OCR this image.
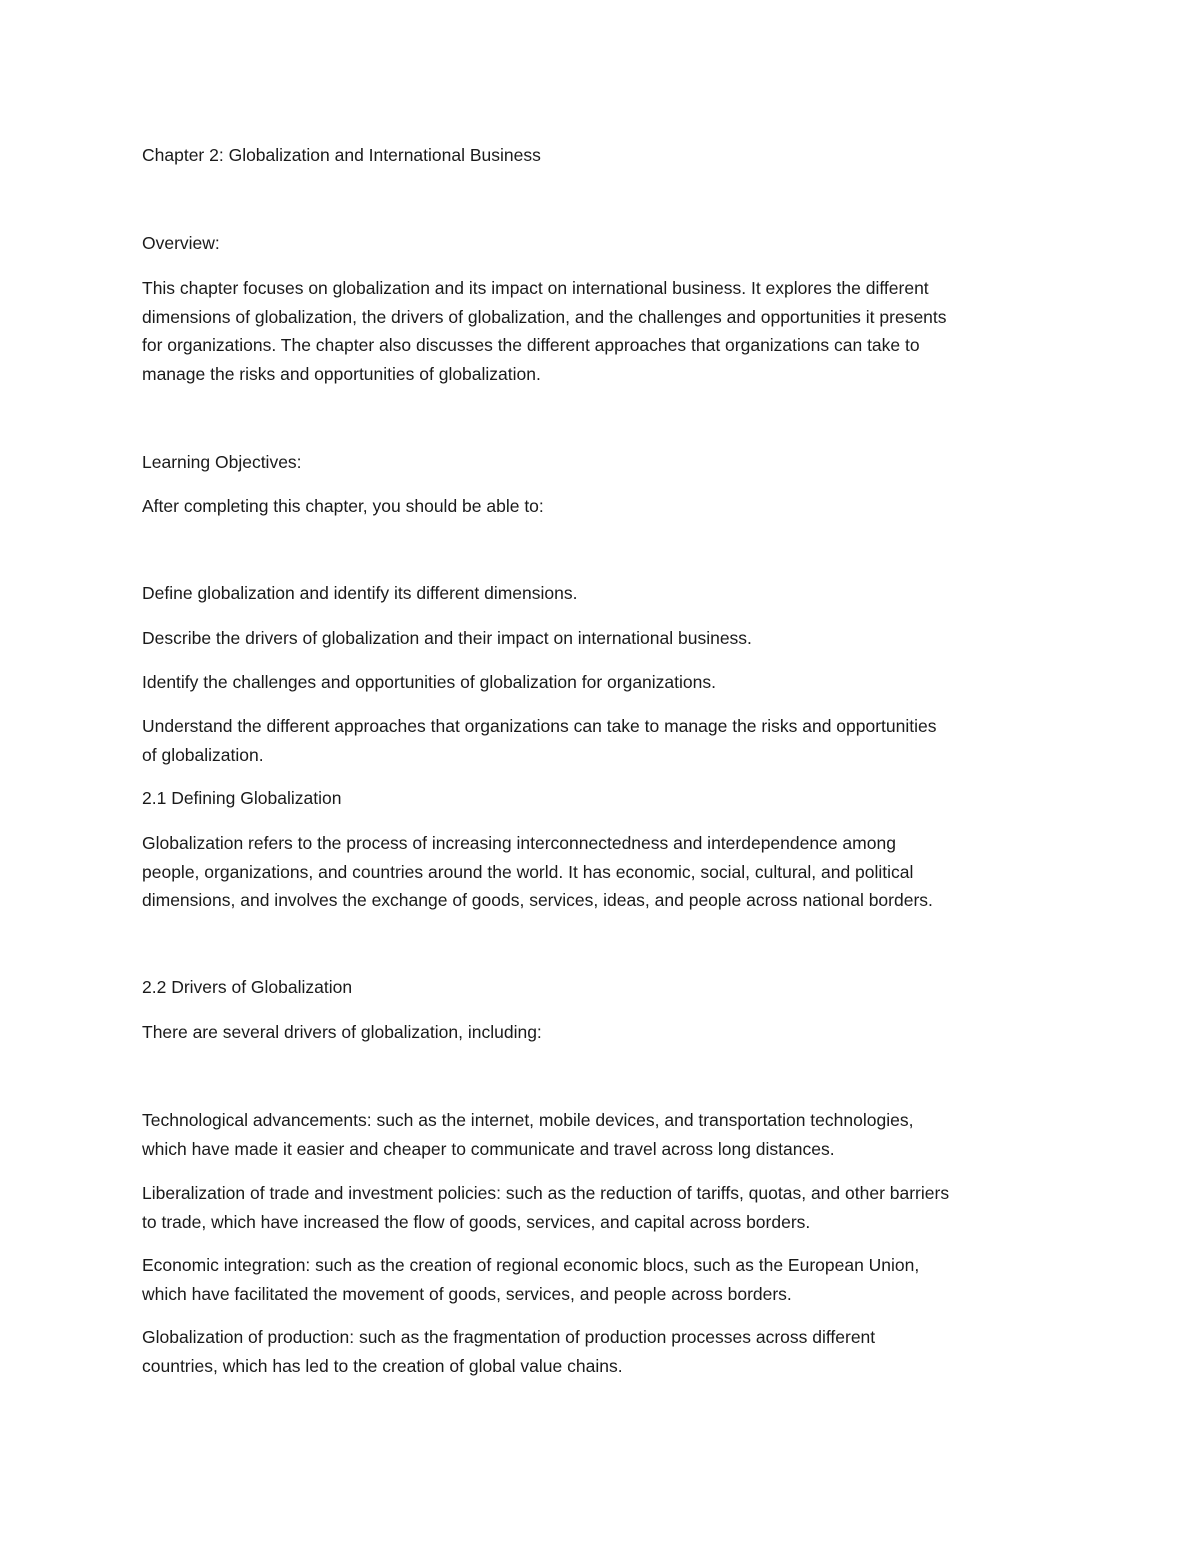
Chapter 2: Globalization and International Business

Overview:

This chapter focuses on globalization and its impact on international business. It explores the different
dimensions of globalization, the drivers of globalization, and the challenges and opportunities it presents
for organizations. The chapter also discusses the different approaches that organizations can take to
manage the risks and opportunities of globalization.

Learning Objectives:

After completing this chapter, you should be able to:

Define globalization and identify its different dimensions.

Describe the drivers of globalization and their impact on international business.

Identify the challenges and opportunities of globalization for organizations.

Understand the different approaches that organizations can take to manage the risks and opportunities
of globalization.

2.1 Defining Globalization

Globalization refers to the process of increasing interconnectedness and interdependence among
people, organizations, and countries around the world. It has economic, social, cultural, and political
dimensions, and involves the exchange of goods, services, ideas, and people across national borders.

2.2 Drivers of Globalization

There are several drivers of globalization, including:

Technological advancements: such as the internet, mobile devices, and transportation technologies,
which have made it easier and cheaper to communicate and travel across long distances.

Liberalization of trade and investment policies: such as the reduction of tariffs, quotas, and other barriers
to trade, which have increased the flow of goods, services, and capital across borders.

Economic integration: such as the creation of regional economic blocs, such as the European Union,
which have facilitated the movement of goods, services, and people across borders.

Globalization of production: such as the fragmentation of production processes across different
countries, which has led to the creation of global value chains.
